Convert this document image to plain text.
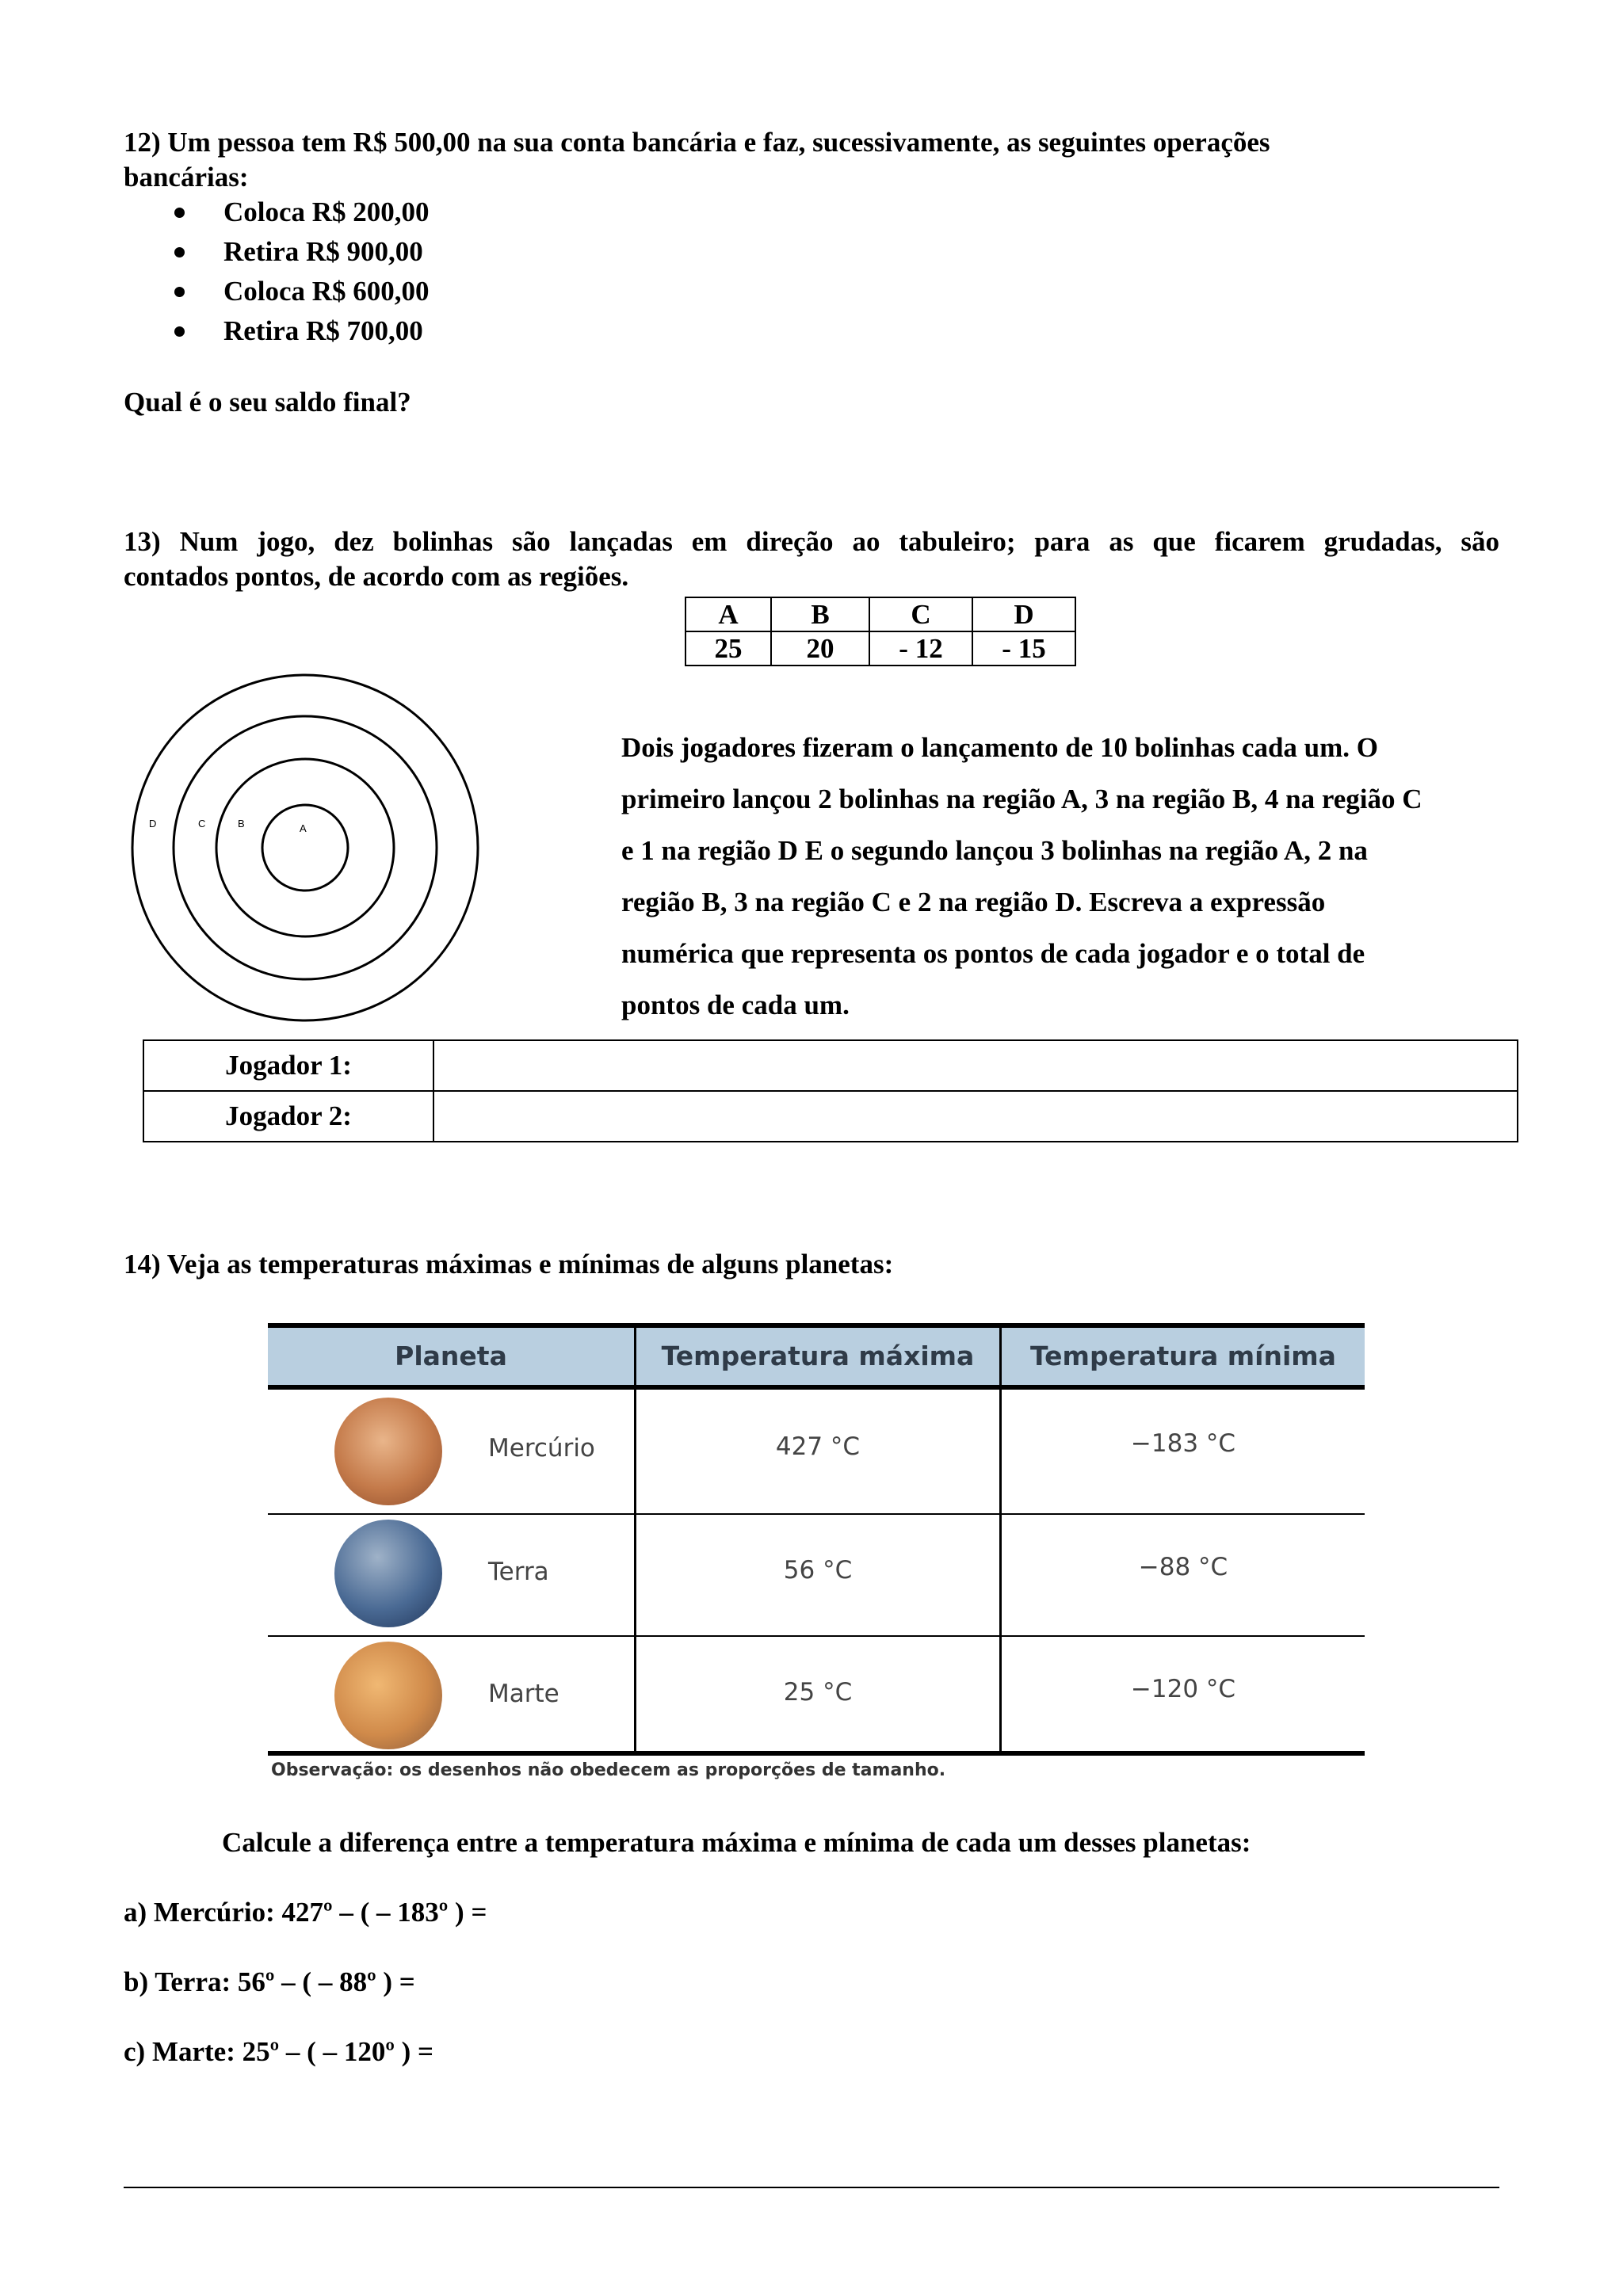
12) Um pessoa tem R$ 500,00 na sua conta bancária e faz, sucessivamente, as seguintes operações
bancárias:
Coloca R$ 200,00
Retira R$ 900,00
Coloca R$ 600,00
Retira R$ 700,00
Qual é o seu saldo final?
13) Num jogo, dez bolinhas são lançadas em direção ao tabuleiro; para as que ficarem grudadas, são
contados pontos, de acordo com as regiões.
A	B	C	D
25	20	- 12	- 15
D	C	B	A
Dois jogadores fizeram o lançamento de 10 bolinhas cada um. O
primeiro lançou 2 bolinhas na região A, 3 na região B, 4 na região C
e 1 na região D E o segundo lançou 3 bolinhas na região A, 2 na
região B, 3 na região C e 2 na região D. Escreva a expressão
numérica que representa os pontos de cada jogador e o total de
pontos de cada um.
Jogador 1:	
Jogador 2:	
14) Veja as temperaturas máximas e mínimas de alguns planetas:
Planeta	Temperatura máxima	Temperatura mínima
Mercúrio	427 °C	−183 °C
Terra	56 °C	−88 °C
Marte	25 °C	−120 °C
Observação: os desenhos não obedecem as proporções de tamanho.
Calcule a diferença entre a temperatura máxima e mínima de cada um desses planetas:
a) Mercúrio: 427º – ( – 183º ) =
b) Terra: 56º – ( – 88º ) =
c) Marte: 25º – ( – 120º ) =
